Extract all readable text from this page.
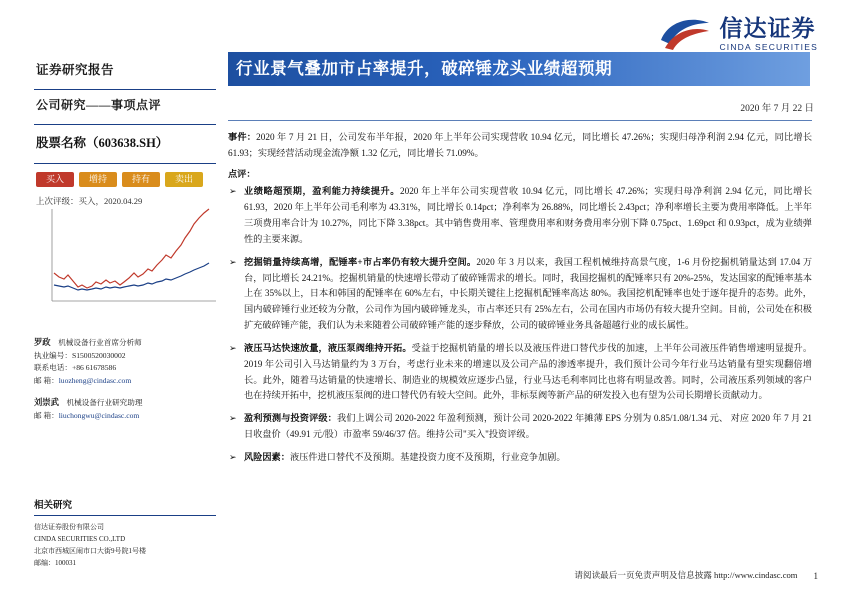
信达证券
CINDA SECURITIES
证券研究报告
公司研究——事项点评
股票名称（603638.SH）
买入	增持	持有	卖出
上次评级：买入，2020.04.29
罗政　 机械设备行业首席分析师
执业编号：S1500520030002
联系电话：+86 61678586
邮 箱：luozheng@cindasc.com
刘崇武　 机械设备行业研究助理
邮 箱：liuchongwu@cindasc.com
相关研究
信达证券股份有限公司
CINDA SECURITIES CO.,LTD
北京市西城区闹市口大街9号院1号楼
邮编：100031
行业景气叠加市占率提升，破碎锤龙头业绩超预期
2020 年 7 月 22 日
事件：2020 年 7 月 21 日，公司发布半年报，2020 年上半年公司实现营收 10.94 亿元，同比增长 47.26%；实现归母净利润 2.94 亿元，同比增长 61.93；实现经营活动现金流净额 1.32 亿元，同比增长 71.09%。
点评：
➢ 业绩略超预期，盈利能力持续提升。2020 年上半年公司实现营收 10.94 亿元，同比增长 47.26%；实现归母净利润 2.94 亿元，同比增长 61.93，2020 年上半年公司毛利率为 43.31%，同比增长 0.14pct；净利率为 26.88%，同比增长 2.43pct；净利率增长主要为费用率降低。上半年三项费用率合计为 10.27%，同比下降 3.38pct。其中销售费用率、管理费用率和财务费用率分别下降 0.75pct、1.69pct 和 0.93pct，成为业绩弹性的主要来源。
➢ 挖掘销量持续高增，配锤率+市占率仍有较大提升空间。2020 年 3 月以来，我国工程机械维持高景气度，1-6 月份挖掘机销量达到 17.04 万台，同比增长 24.21%。挖掘机销量的快速增长带动了破碎锤需求的增长。同时，我国挖掘机的配锤率只有 20%-25%，发达国家的配锤率基本上在 35%以上，日本和韩国的配锤率在 60%左右，中长期关键往上挖掘机配锤率高达 80%。我国挖机配锤率也处于逐年提升的态势。此外，国内破碎锤行业还较为分散，公司作为国内破碎锤龙头，市占率还只有 25%左右，公司在国内市场仍有较大提升空间。目前，公司处在积极扩充破碎锤产能，我们认为未来随着公司破碎锤产能的逐步释放，公司的破碎锤业务具备超越行业的成长属性。
➢ 液压马达快速放量，液压泵阀维持开拓。受益于挖掘机销量的增长以及液压件进口替代步伐的加速，上半年公司液压件销售增速明显提升。2019 年公司引入马达销量约为 3 万台，考虑行业未来的增速以及公司产品的渗透率提升，我们预计公司今年行业马达销量有望实现翻倍增长。此外，随着马达销量的快速增长、制造业的规模效应逐步凸显，行业马达毛利率同比也将有明显改善。同时，公司液压系列领域的客户也在持续开拓中，挖机液压泵阀的进口替代仍有较大空间。此外，非标泵阀等新产品的研发投入也有望为公司长期增长贡献动力。
➢ 盈利预测与投资评级：我们上调公司 2020-2022 年盈利预测，预计公司 2020-2022 年摊薄 EPS 分别为 0.85/1.08/1.34 元、 对应 2020 年 7 月 21 日收盘价（49.91 元/股）市盈率 59/46/37 倍。维持公司"买入"投资评级。
➢ 风险因素：液压件进口替代不及预期。基建投资力度不及预期，行业竞争加剧。
请阅读最后一页免责声明及信息披露 http://www.cindasc.com 1
